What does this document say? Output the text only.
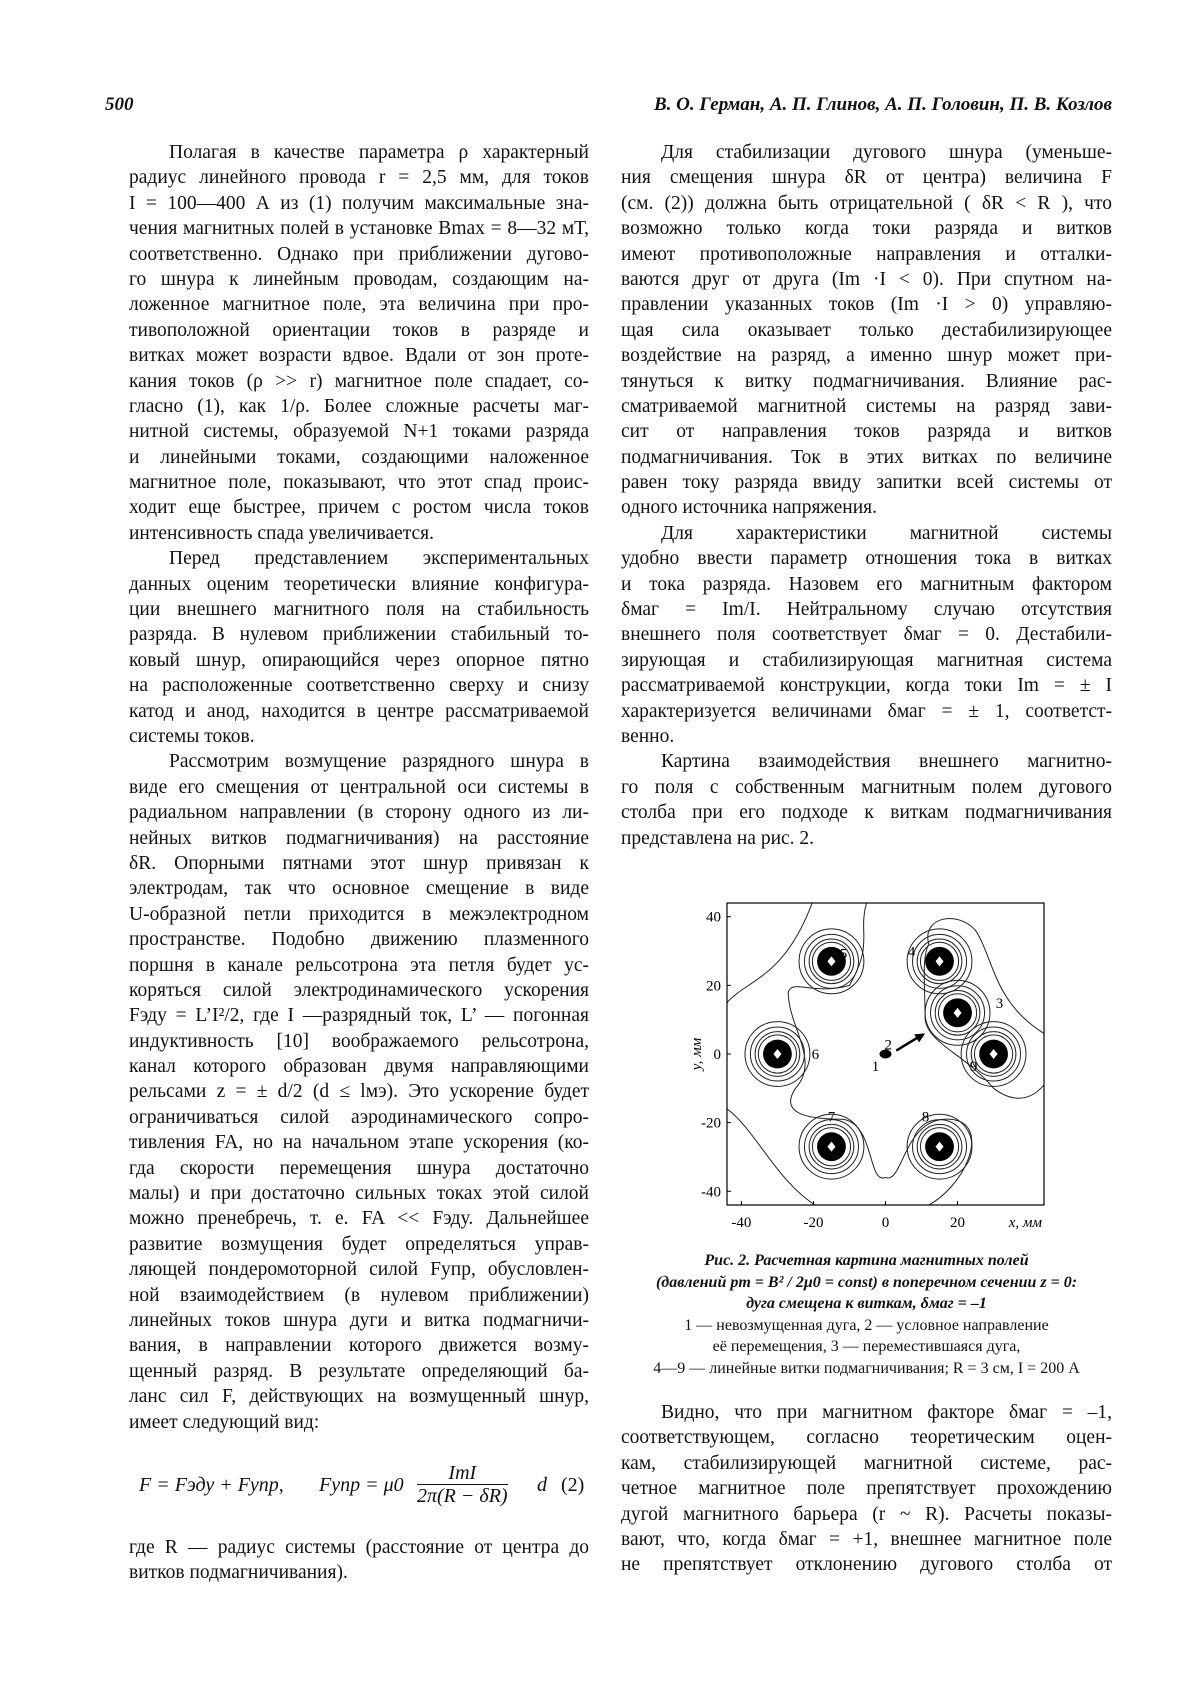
500	В. О. Герман, А. П. Глинов, А. П. Головин, П. В. Козлов
Полагая в качестве параметра ρ характерный
радиус линейного провода r = 2,5 мм, для токов
I = 100—400 А из (1) получим максимальные зна-
чения магнитных полей в установке Bmax = 8—32 мТ,
соответственно. Однако при приближении дугово-
го шнура к линейным проводам, создающим на-
ложенное магнитное поле, эта величина при про-
тивоположной ориентации токов в разряде и
витках может возрасти вдвое. Вдали от зон проте-
кания токов (ρ >> r) магнитное поле спадает, со-
гласно (1), как 1/ρ. Более сложные расчеты маг-
нитной системы, образуемой N+1 токами разряда
и линейными токами, создающими наложенное
магнитное поле, показывают, что этот спад проис-
ходит еще быстрее, причем с ростом числа токов
интенсивность спада увеличивается.
Перед представлением экспериментальных
данных оценим теоретически влияние конфигура-
ции внешнего магнитного поля на стабильность
разряда. В нулевом приближении стабильный то-
ковый шнур, опирающийся через опорное пятно
на расположенные соответственно сверху и снизу
катод и анод, находится в центре рассматриваемой
системы токов.
Рассмотрим возмущение разрядного шнура в
виде его смещения от центральной оси системы в
радиальном направлении (в сторону одного из ли-
нейных витков подмагничивания) на расстояние
δR. Опорными пятнами этот шнур привязан к
электродам, так что основное смещение в виде
U-образной петли приходится в межэлектродном
пространстве. Подобно движению плазменного
поршня в канале рельсотрона эта петля будет ус-
коряться силой электродинамического ускорения
Fэду = L’I²/2, где I —разрядный ток, L’ — погонная
индуктивность [10] воображаемого рельсотрона,
канал которого образован двумя направляющими
рельсами z = ± d/2 (d ≤ lмэ). Это ускорение будет
ограничиваться силой аэродинамического сопро-
тивления FA, но на начальном этапе ускорения (ко-
гда скорости перемещения шнура достаточно
малы) и при достаточно сильных токах этой силой
можно пренебречь, т. е. FA << Fэду. Дальнейшее
развитие возмущения будет определяться управ-
ляющей пондеромоторной силой Fупр, обусловлен-
ной взаимодействием (в нулевом приближении)
линейных токов шнура дуги и витка подмагничи-
вания, в направлении которого движется возму-
щенный разряд. В результате определяющий ба-
ланс сил F, действующих на возмущенный шнур,
имеет следующий вид:
F = Fэду + Fупр, Fупр = μ0
ImI
2π(R − δR) d (2)
где R — радиус системы (расстояние от центра до
витков подмагничивания).
Для стабилизации дугового шнура (уменьше-
ния смещения шнура δR от центра) величина F
(см. (2)) должна быть отрицательной ( δR < R ), что
возможно только когда токи разряда и витков
имеют противоположные направления и отталки-
ваются друг от друга (Im ·I < 0). При спутном на-
правлении указанных токов (Im ·I > 0) управляю-
щая сила оказывает только дестабилизирующее
воздействие на разряд, а именно шнур может при-
тянуться к витку подмагничивания. Влияние рас-
сматриваемой магнитной системы на разряд зави-
сит от направления токов разряда и витков
подмагничивания. Ток в этих витках по величине
равен току разряда ввиду запитки всей системы от
одного источника напряжения.
Для характеристики магнитной системы
удобно ввести параметр отношения тока в витках
и тока разряда. Назовем его магнитным фактором
δмаг = Im/I. Нейтральному случаю отсутствия
внешнего поля соответствует δмаг = 0. Дестабили-
зирующая и стабилизирующая магнитная система
рассматриваемой конструкции, когда токи Im = ± I
характеризуется величинами δмаг = ± 1, соответст-
венно.
Картина взаимодействия внешнего магнитно-
го поля с собственным магнитным полем дугового
столба при его подходе к виткам подмагничивания
представлена на рис. 2.
1
3
4
5
6
7	8
9
2
-40	-20	0	20
40
20
0
-20
-40
x, мм
y, мм
Рис. 2. Расчетная картина магнитных полей
(давлений pm = B² / 2μ0 = const) в поперечном сечении z = 0:
дуга смещена к виткам, δмаг = –1
1 — невозмущенная дуга, 2 — условное направление
её перемещения, 3 — переместившаяся дуга,
4—9 — линейные витки подмагничивания; R = 3 см, I = 200 А
Видно, что при магнитном факторе δмаг = –1,
соответствующем, согласно теоретическим оцен-
кам, стабилизирующей магнитной системе, рас-
четное магнитное поле препятствует прохождению
дугой магнитного барьера (r ~ R). Расчеты показы-
вают, что, когда δмаг = +1, внешнее магнитное поле
не препятствует отклонению дугового столба от
